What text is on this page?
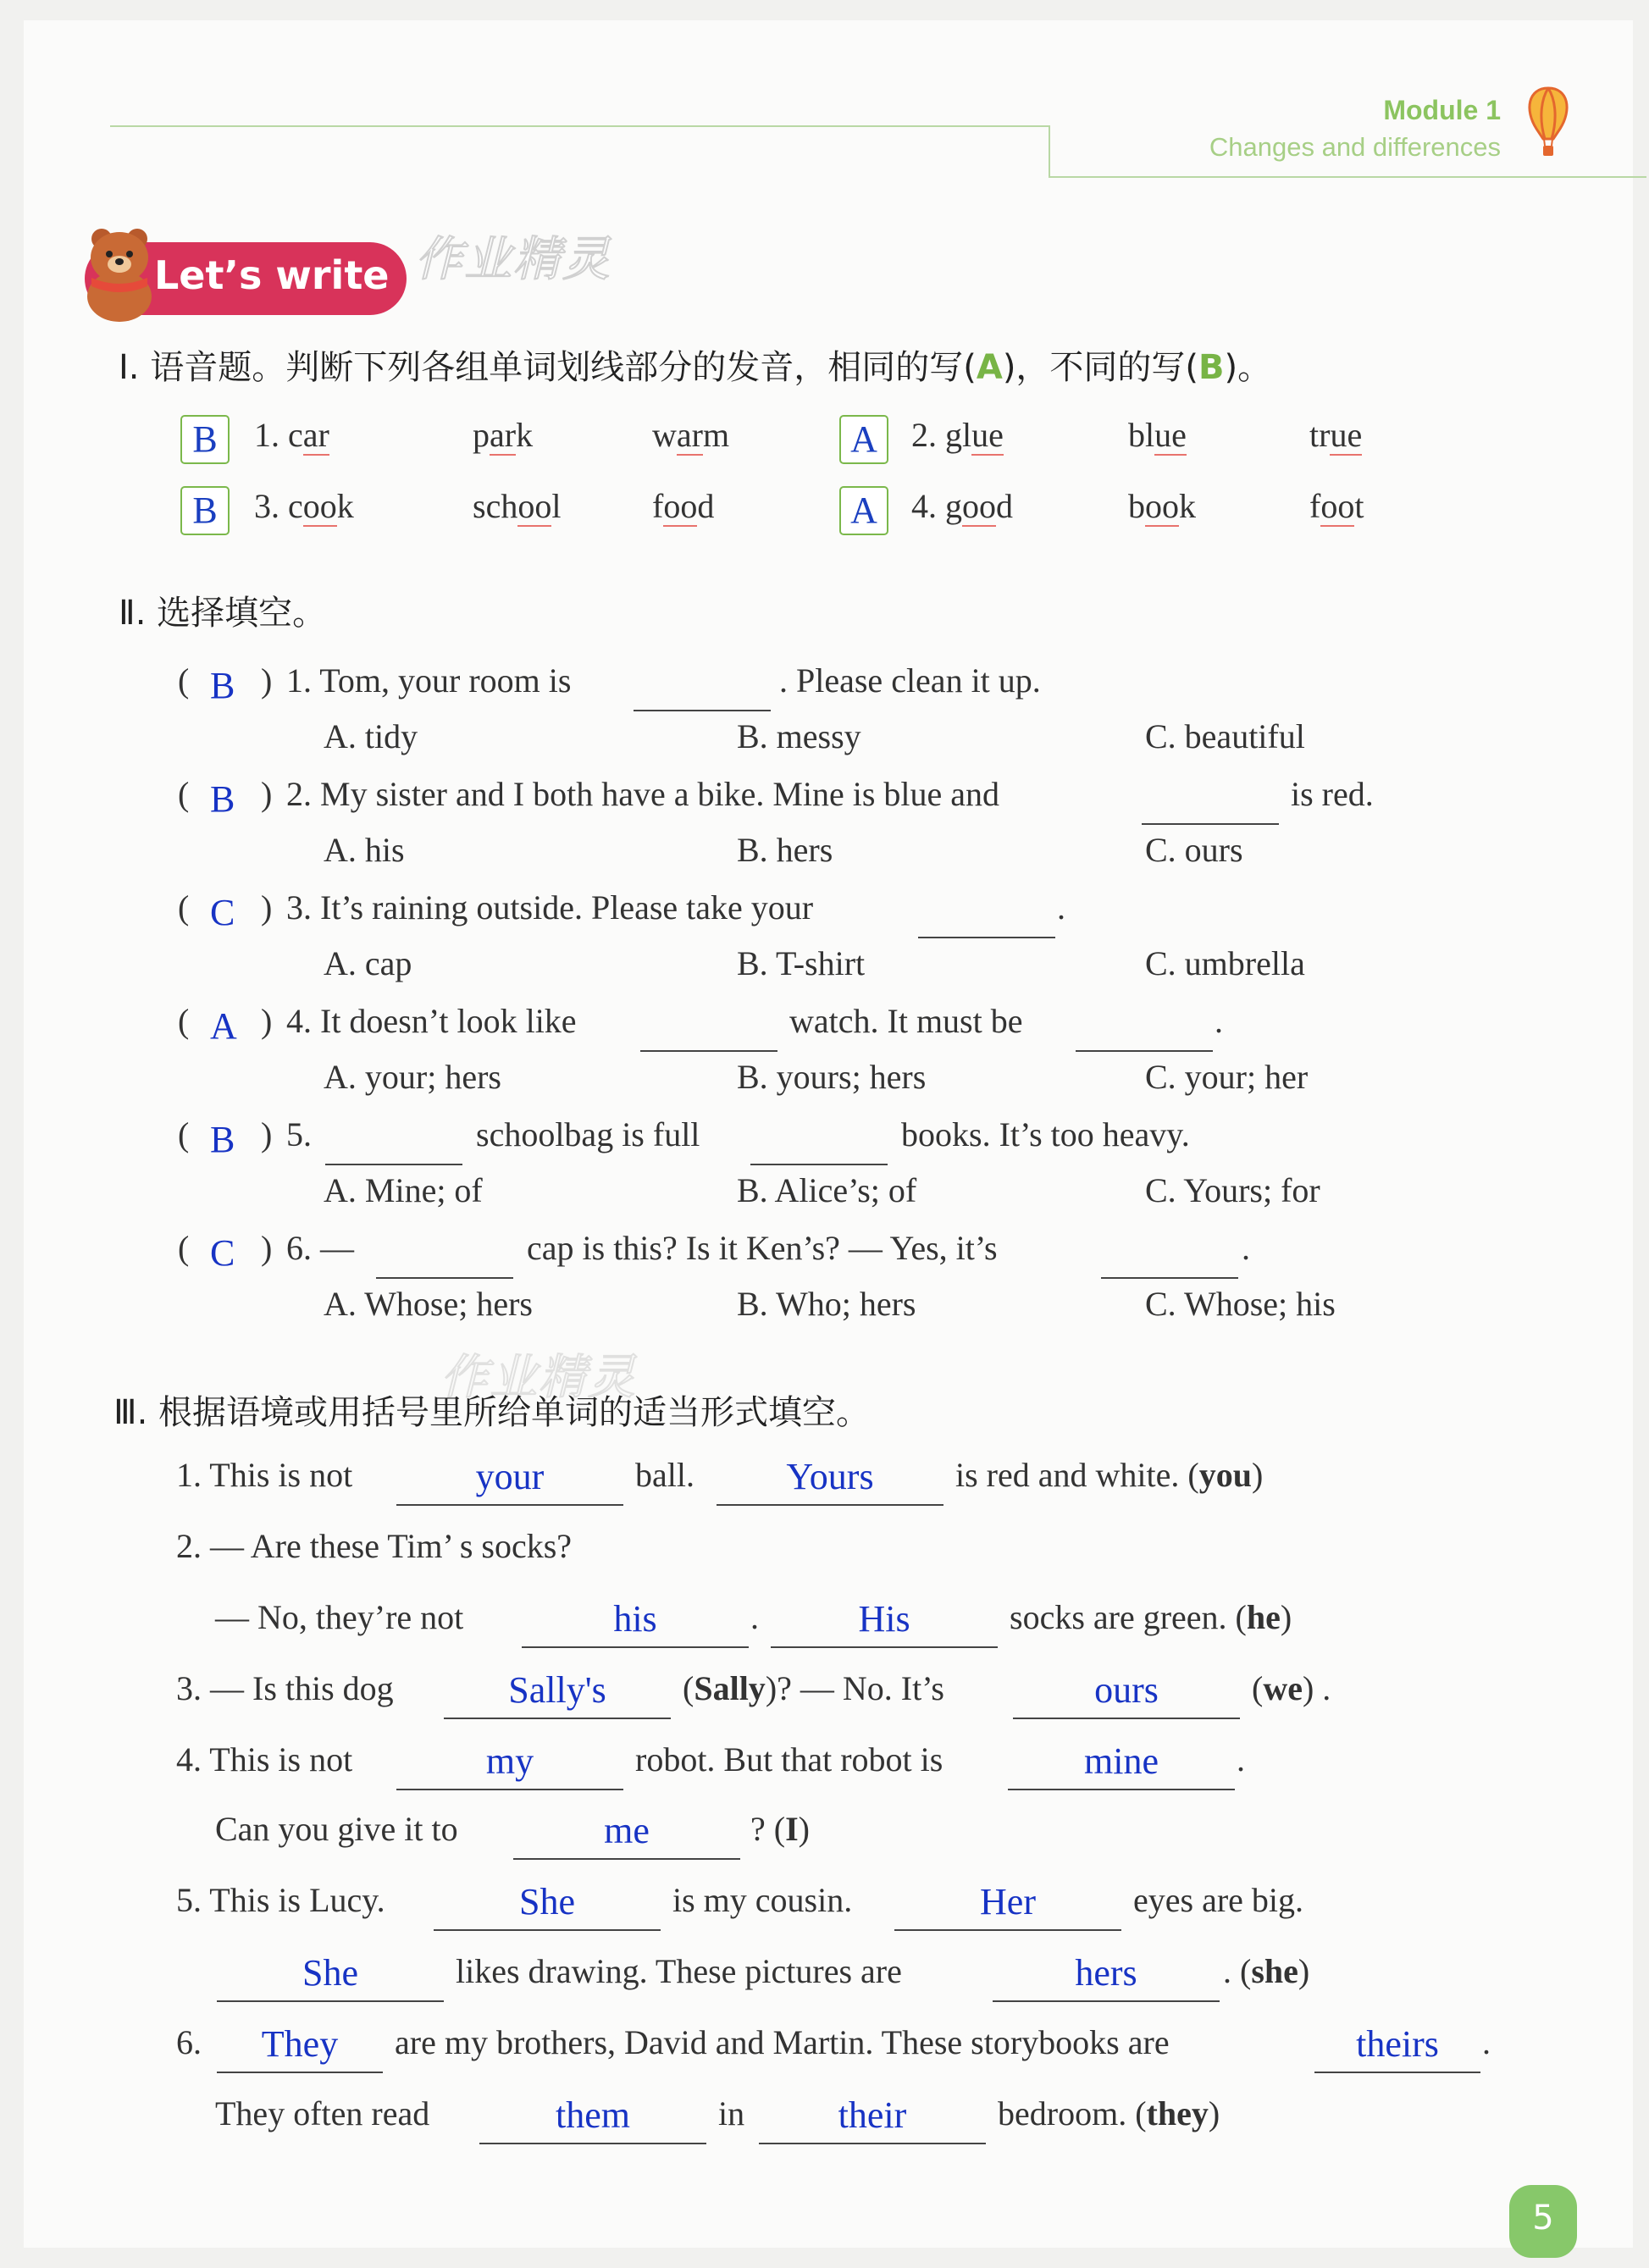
Module 1
Changes and differences
Let’s write 作业精灵
作业精灵
Ⅰ. 语音题。判断下列各组单词划线部分的发音，相同的写(A)，不同的写(B)。
B	1. car	park	warm	A	2. glue	blue	true
B	3. cook	school	food	A	4. good	book	foot
Ⅱ. 选择填空。
( B ) 1. Tom, your room is	. Please clean it up.
A. tidy	B. messy	C. beautiful
( B ) 2. My sister and I both have a bike. Mine is blue and	is red.
A. his	B. hers	C. ours
( C ) 3. It’s raining outside. Please take your	.
A. cap	B. T-shirt	C. umbrella
( A ) 4. It doesn’t look like	watch. It must be	.
A. your; hers	B. yours; hers	C. your; her
( B ) 5.	schoolbag is full	books. It’s too heavy.
A. Mine; of	B. Alice’s; of	C. Yours; for
( C ) 6. —	cap is this? Is it Ken’s? — Yes, it’s	.
A. Whose; hers	B. Who; hers	C. Whose; his
Ⅲ. 根据语境或用括号里所给单词的适当形式填空。
1. This is not	your	ball.	Yours	is red and white. (you)
2. — Are these Tim’ s socks?
— No, they’re not	his	.	His	socks are green. (he)
3. — Is this dog	Sally's	(Sally)? — No. It’s	ours	(we) .
4. This is not	my	robot. But that robot is	mine	.
Can you give it to	me	? (I)
5. This is Lucy.	She	is my cousin.	Her	eyes are big.
She	likes drawing. These pictures are	hers	. (she)
6.	They	are my brothers, David and Martin. These storybooks are	theirs	.
They often read	them	in	their	bedroom. (they)
5
